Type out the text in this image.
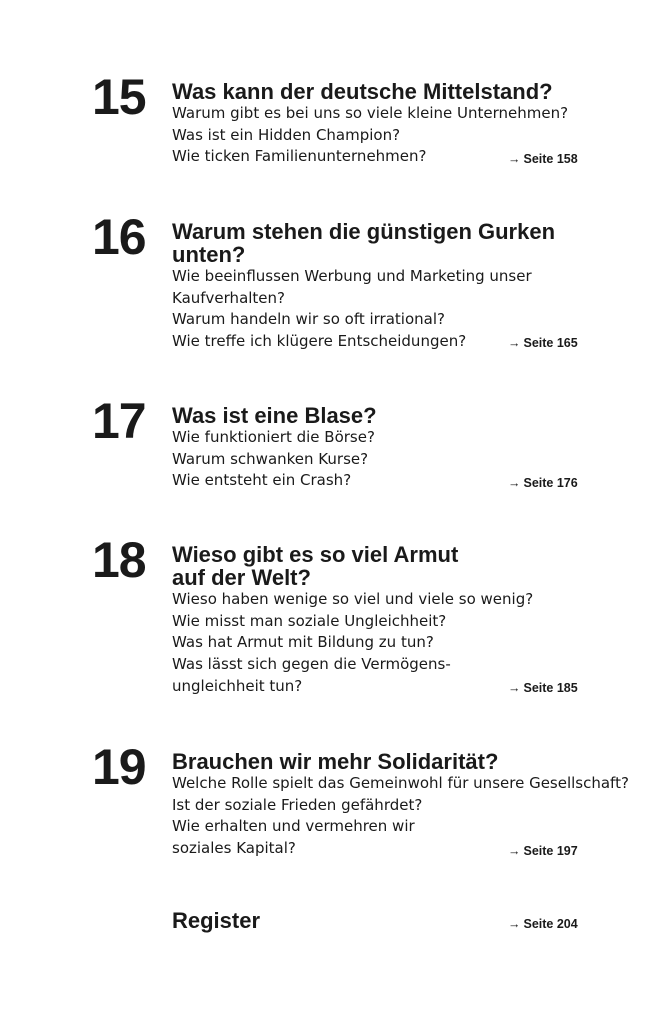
15 Was kann der deutsche Mittelstand?
Warum gibt es bei uns so viele kleine Unternehmen?
Was ist ein Hidden Champion?
Wie ticken Familienunternehmen?	→ Seite 158
16 Warum stehen die günstigen Gurken
unten?
Wie beeinflussen Werbung und Marketing unser
Kaufverhalten?
Warum handeln wir so oft irrational?
Wie treffe ich klügere Entscheidungen?	→ Seite 165
17 Was ist eine Blase?
Wie funktioniert die Börse?
Warum schwanken Kurse?
Wie entsteht ein Crash?	→ Seite 176
18 Wieso gibt es so viel Armut
auf der Welt?
Wieso haben wenige so viel und viele so wenig?
Wie misst man soziale Ungleichheit?
Was hat Armut mit Bildung zu tun?
Was lässt sich gegen die Vermögens-
ungleichheit tun?	→ Seite 185
19 Brauchen wir mehr Solidarität?
Welche Rolle spielt das Gemeinwohl für unsere Gesellschaft?
Ist der soziale Frieden gefährdet?
Wie erhalten und vermehren wir
soziales Kapital?	→ Seite 197
Register	→ Seite 204
